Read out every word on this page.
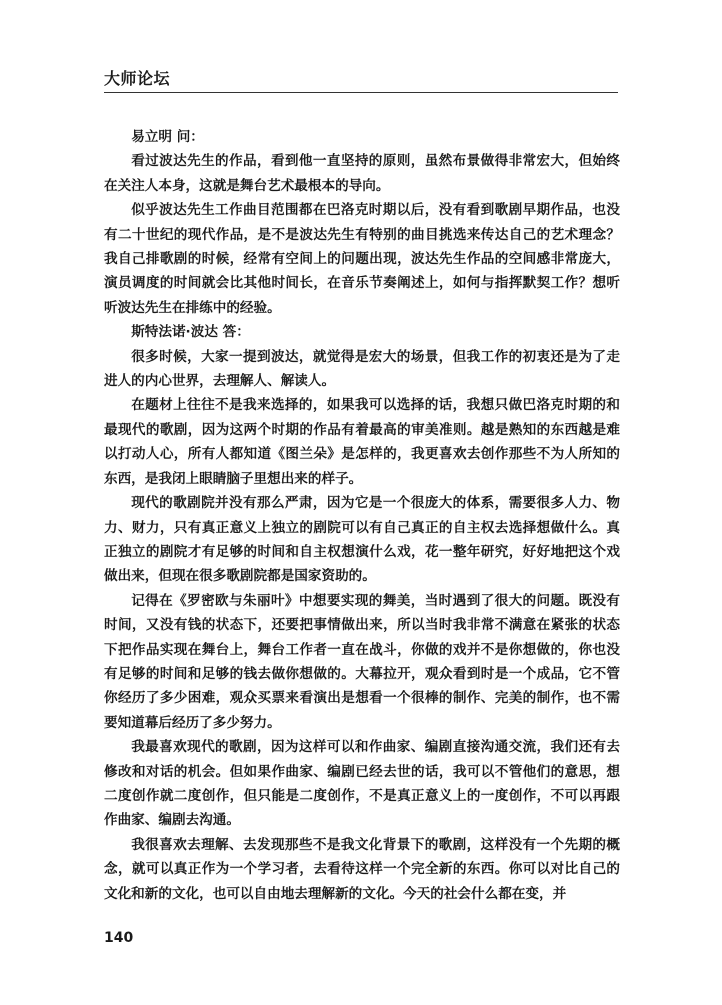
大师论坛

易立明 问：

看过波达先生的作品，看到他一直坚持的原则，虽然布景做得非常宏大，但始终在关注人本身，这就是舞台艺术最根本的导向。

似乎波达先生工作曲目范围都在巴洛克时期以后，没有看到歌剧早期作品，也没有二十世纪的现代作品，是不是波达先生有特别的曲目挑选来传达自己的艺术理念？我自己排歌剧的时候，经常有空间上的问题出现，波达先生作品的空间感非常庞大，演员调度的时间就会比其他时间长，在音乐节奏阐述上，如何与指挥默契工作？想听听波达先生在排练中的经验。

斯特法诺·波达 答：

很多时候，大家一提到波达，就觉得是宏大的场景，但我工作的初衷还是为了走进人的内心世界，去理解人、解读人。

在题材上往往不是我来选择的，如果我可以选择的话，我想只做巴洛克时期的和最现代的歌剧，因为这两个时期的作品有着最高的审美准则。越是熟知的东西越是难以打动人心，所有人都知道《图兰朵》是怎样的，我更喜欢去创作那些不为人所知的东西，是我闭上眼睛脑子里想出来的样子。

现代的歌剧院并没有那么严肃，因为它是一个很庞大的体系，需要很多人力、物力、财力，只有真正意义上独立的剧院可以有自己真正的自主权去选择想做什么。真正独立的剧院才有足够的时间和自主权想演什么戏，花一整年研究，好好地把这个戏做出来，但现在很多歌剧院都是国家资助的。

记得在《罗密欧与朱丽叶》中想要实现的舞美，当时遇到了很大的问题。既没有时间，又没有钱的状态下，还要把事情做出来，所以当时我非常不满意在紧张的状态下把作品实现在舞台上，舞台工作者一直在战斗，你做的戏并不是你想做的，你也没有足够的时间和足够的钱去做你想做的。大幕拉开，观众看到时是一个成品，它不管你经历了多少困难，观众买票来看演出是想看一个很棒的制作、完美的制作，也不需要知道幕后经历了多少努力。

我最喜欢现代的歌剧，因为这样可以和作曲家、编剧直接沟通交流，我们还有去修改和对话的机会。但如果作曲家、编剧已经去世的话，我可以不管他们的意思，想二度创作就二度创作，但只能是二度创作，不是真正意义上的一度创作，不可以再跟作曲家、编剧去沟通。

我很喜欢去理解、去发现那些不是我文化背景下的歌剧，这样没有一个先期的概念，就可以真正作为一个学习者，去看待这样一个完全新的东西。你可以对比自己的文化和新的文化，也可以自由地去理解新的文化。今天的社会什么都在变，并

140
